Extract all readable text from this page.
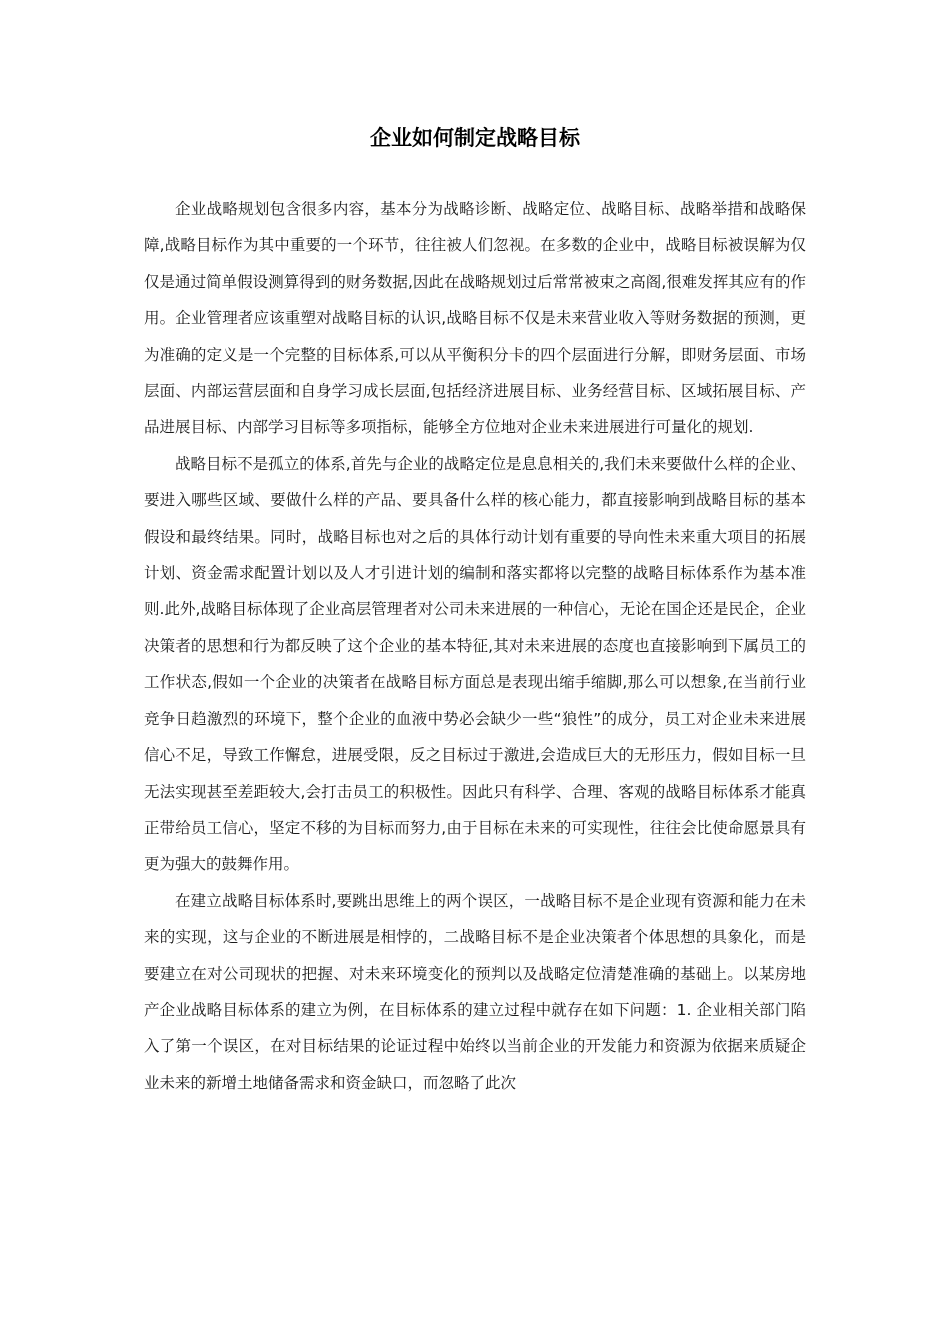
企业如何制定战略目标

企业战略规划包含很多内容，基本分为战略诊断、战略定位、战略目标、战略举措和战略保障,战略目标作为其中重要的一个环节，往往被人们忽视。在多数的企业中，战略目标被误解为仅仅是通过简单假设测算得到的财务数据,因此在战略规划过后常常被束之高阁,很难发挥其应有的作用。企业管理者应该重塑对战略目标的认识,战略目标不仅是未来营业收入等财务数据的预测，更为准确的定义是一个完整的目标体系,可以从平衡积分卡的四个层面进行分解，即财务层面、市场层面、内部运营层面和自身学习成长层面,包括经济进展目标、业务经营目标、区域拓展目标、产品进展目标、内部学习目标等多项指标，能够全方位地对企业未来进展进行可量化的规划.

战略目标不是孤立的体系,首先与企业的战略定位是息息相关的,我们未来要做什么样的企业、要进入哪些区域、要做什么样的产品、要具备什么样的核心能力，都直接影响到战略目标的基本假设和最终结果。同时，战略目标也对之后的具体行动计划有重要的导向性未来重大项目的拓展计划、资金需求配置计划以及人才引进计划的编制和落实都将以完整的战略目标体系作为基本准则.此外,战略目标体现了企业高层管理者对公司未来进展的一种信心，无论在国企还是民企，企业决策者的思想和行为都反映了这个企业的基本特征,其对未来进展的态度也直接影响到下属员工的工作状态,假如一个企业的决策者在战略目标方面总是表现出缩手缩脚,那么可以想象,在当前行业竞争日趋激烈的环境下，整个企业的血液中势必会缺少一些“狼性”的成分，员工对企业未来进展信心不足，导致工作懈怠，进展受限，反之目标过于激进,会造成巨大的无形压力，假如目标一旦无法实现甚至差距较大,会打击员工的积极性。因此只有科学、合理、客观的战略目标体系才能真正带给员工信心，坚定不移的为目标而努力,由于目标在未来的可实现性，往往会比使命愿景具有更为强大的鼓舞作用。

在建立战略目标体系时,要跳出思维上的两个误区，一战略目标不是企业现有资源和能力在未来的实现，这与企业的不断进展是相悖的，二战略目标不是企业决策者个体思想的具象化，而是要建立在对公司现状的把握、对未来环境变化的预判以及战略定位清楚准确的基础上。以某房地产企业战略目标体系的建立为例，在目标体系的建立过程中就存在如下问题：1. 企业相关部门陷入了第一个误区，在对目标结果的论证过程中始终以当前企业的开发能力和资源为依据来质疑企业未来的新增土地储备需求和资金缺口，而忽略了此次
